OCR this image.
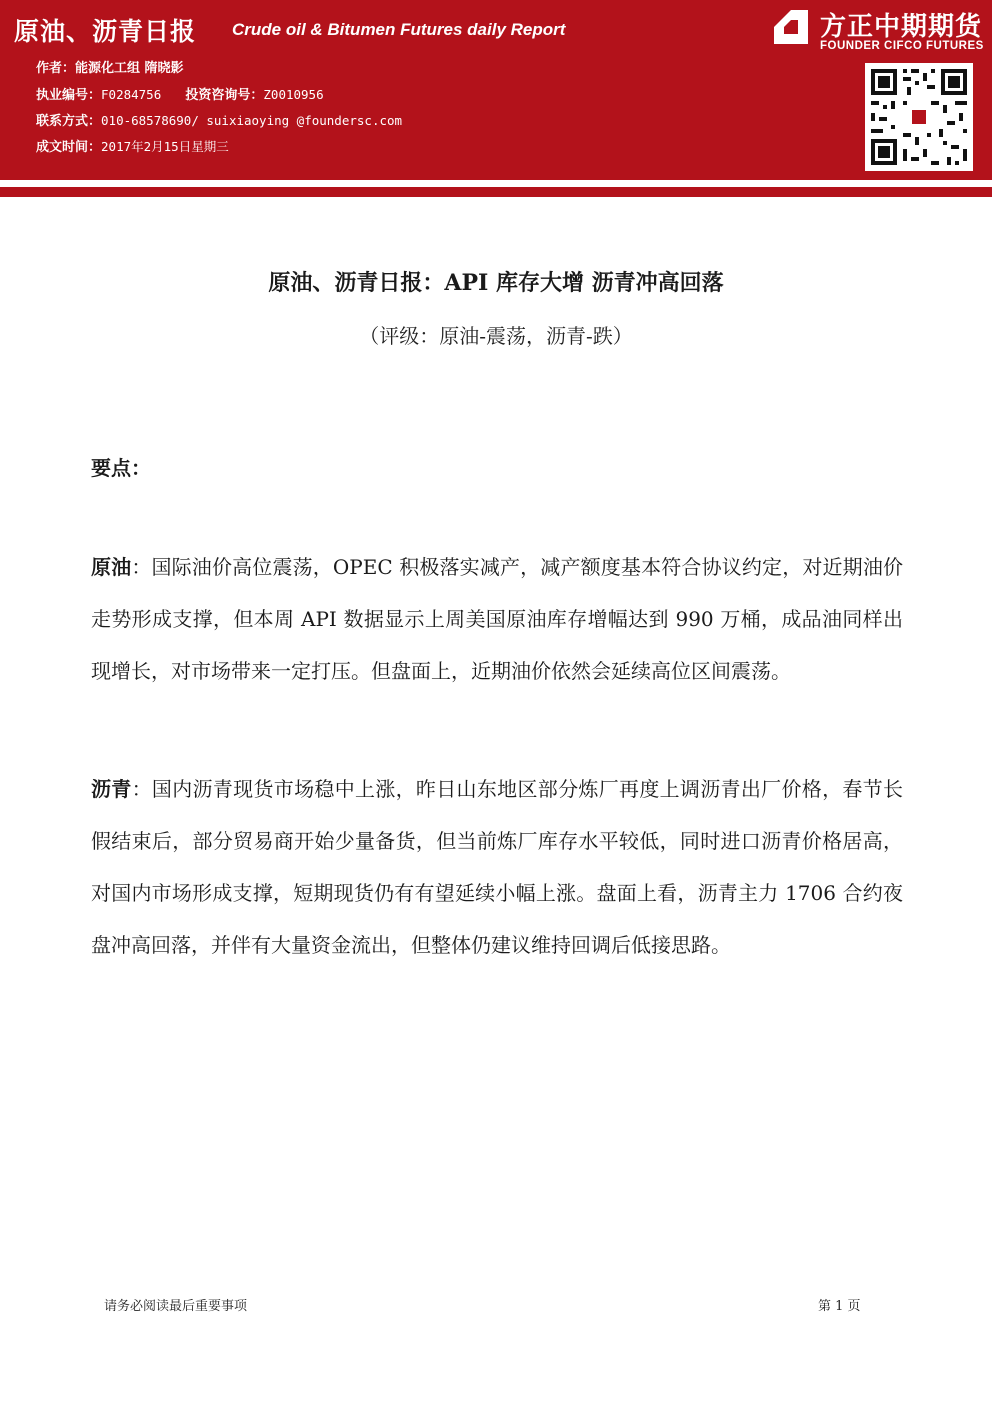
原油、沥青日报 Crude oil & Bitumen Futures daily Report
作者：能源化工组 隋晓影
执业编号：F0284756 投资咨询号：Z0010956
联系方式：010-68578690/ suixiaoying @foundersc.com
成文时间：2017年2月15日星期三
方正中期期货
FOUNDER CIFCO FUTURES
原油、沥青日报：API 库存大增 沥青冲高回落
（评级：原油-震荡，沥青-跌）
要点：
原油：国际油价高位震荡，OPEC 积极落实减产，减产额度基本符合协议约定，对近期油价走势形成支撑，但本周 API 数据显示上周美国原油库存增幅达到 990 万桶，成品油同样出现增长，对市场带来一定打压。但盘面上，近期油价依然会延续高位区间震荡。
沥青：国内沥青现货市场稳中上涨，昨日山东地区部分炼厂再度上调沥青出厂价格，春节长假结束后，部分贸易商开始少量备货，但当前炼厂库存水平较低，同时进口沥青价格居高，对国内市场形成支撑，短期现货仍有有望延续小幅上涨。盘面上看，沥青主力 1706 合约夜盘冲高回落，并伴有大量资金流出，但整体仍建议维持回调后低接思路。
请务必阅读最后重要事项	第 1 页
